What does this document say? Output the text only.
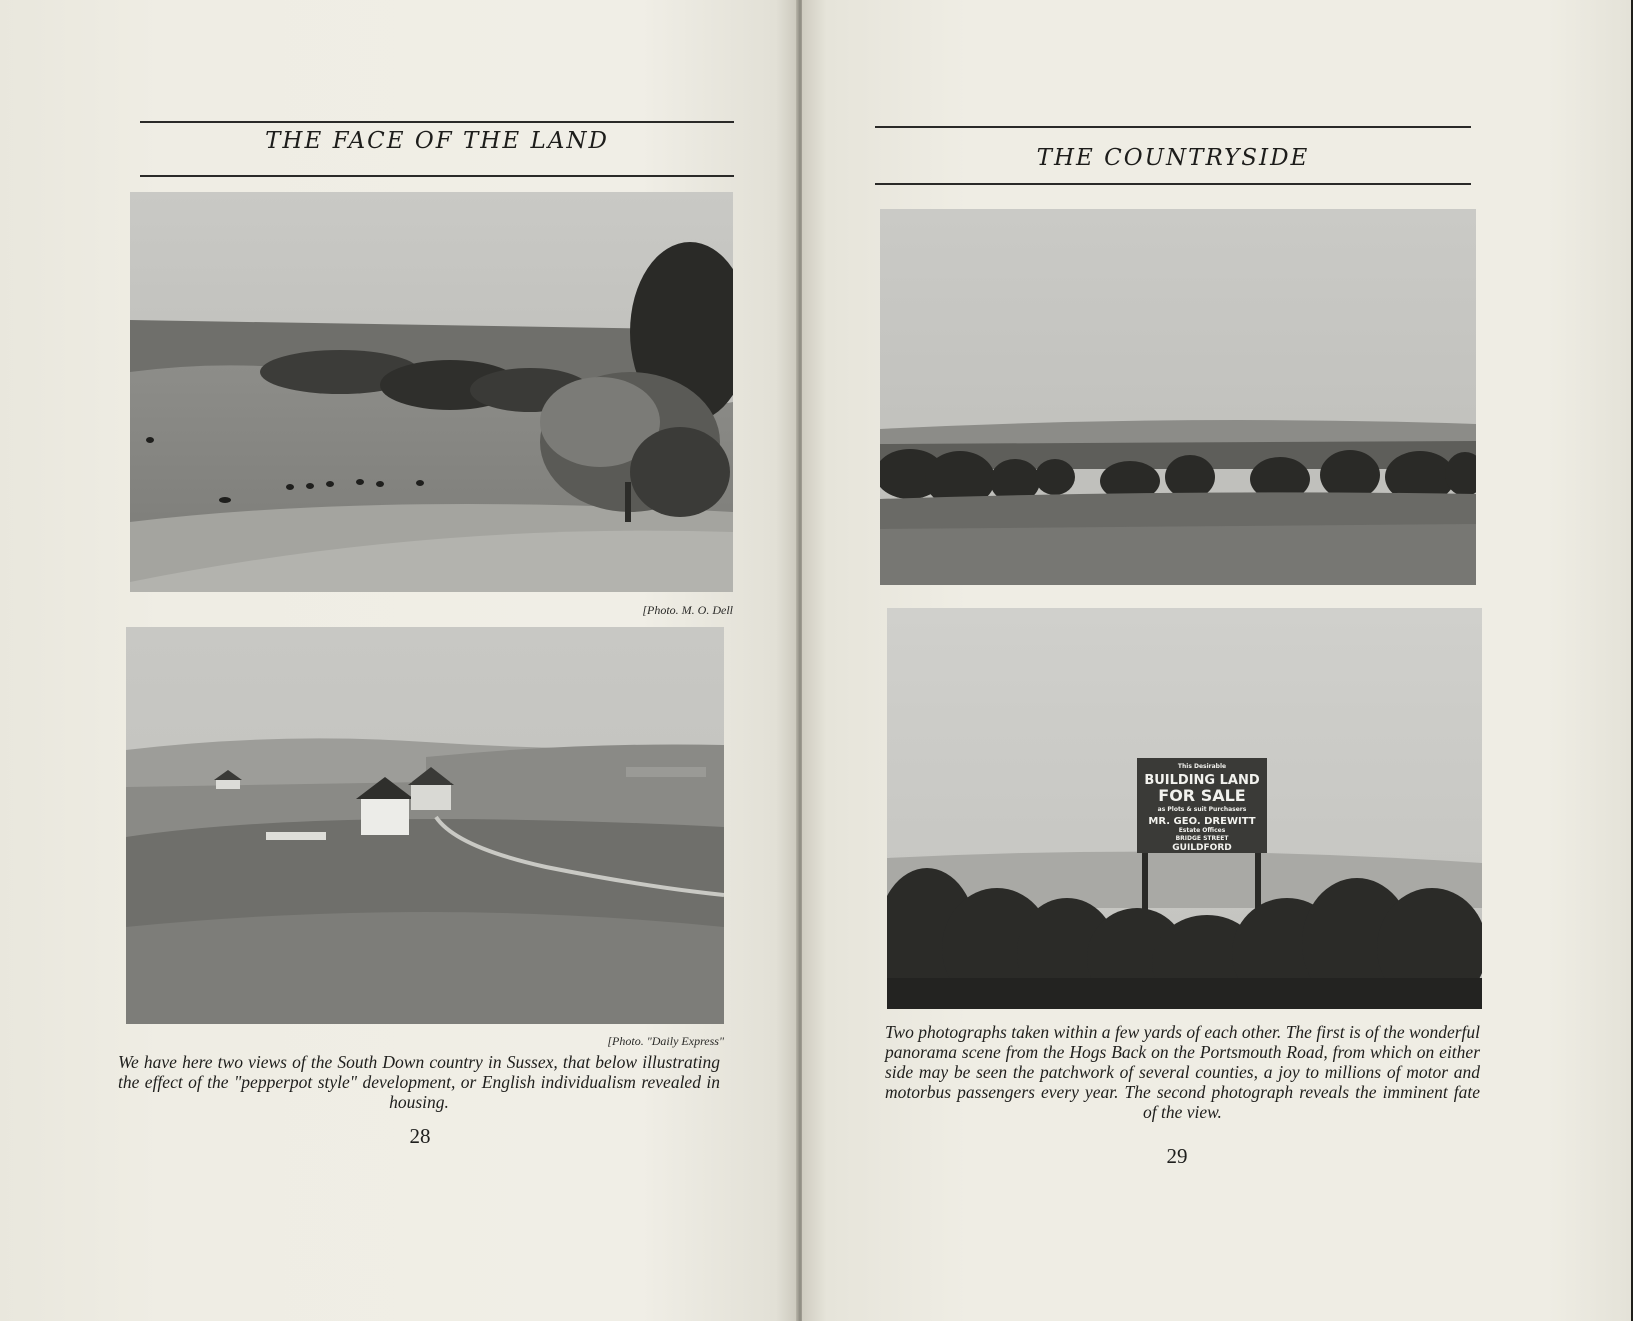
THE FACE OF THE LAND
[Photo. M. O. Dell
[Photo. "Daily Express"
We have here two views of the South Down country in Sussex, that below illustrating the effect of the "pepperpot style" development, or English individualism revealed in housing.
28
THE COUNTRYSIDE
This Desirable
BUILDING LAND
FOR SALE
as Plots & suit Purchasers
MR. GEO. DREWITT
Estate Offices
BRIDGE STREET
GUILDFORD
Two photographs taken within a few yards of each other. The first is of the wonderful panorama scene from the Hogs Back on the Portsmouth Road, from which on either side may be seen the patchwork of several counties, a joy to millions of motor and motorbus passengers every year. The second photograph reveals the imminent fate of the view.
29
